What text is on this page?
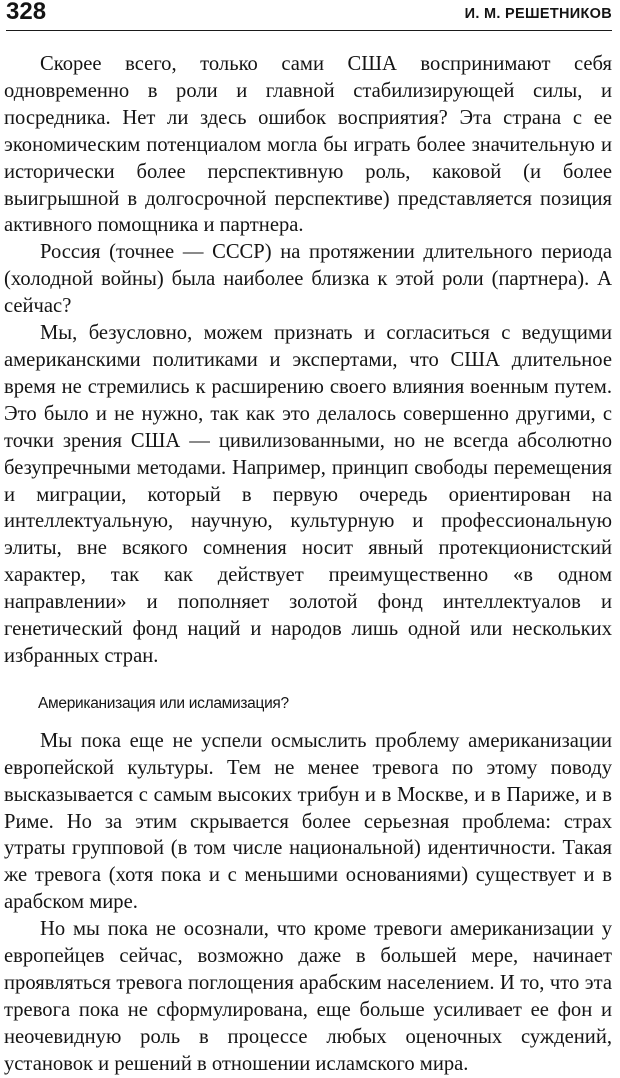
328	И. М. РЕШЕТНИКОВ

Скорее всего, только сами США воспринимают себя одновременно в роли и главной стабилизирующей силы, и посредника. Нет ли здесь ошибок восприятия? Эта страна с ее экономическим потенциалом могла бы играть более значительную и исторически более перспективную роль, каковой (и более выигрышной в долгосрочной перспективе) представляется позиция активного помощника и партнера.

Россия (точнее — СССР) на протяжении длительного периода (холодной войны) была наиболее близка к этой роли (партнера). А сейчас?

Мы, безусловно, можем признать и согласиться с ведущими американскими политиками и экспертами, что США длительное время не стремились к расширению своего влияния военным путем. Это было и не нужно, так как это делалось совершенно другими, с точки зрения США — цивилизованными, но не всегда абсолютно безупречными методами. Например, принцип свободы перемещения и миграции, который в первую очередь ориентирован на интеллектуальную, научную, культурную и профессиональную элиты, вне всякого сомнения носит явный протекционистский характер, так как действует преимущественно «в одном направлении» и пополняет золотой фонд интеллектуалов и генетический фонд наций и народов лишь одной или нескольких избранных стран.

Американизация или исламизация?

Мы пока еще не успели осмыслить проблему американизации европейской культуры. Тем не менее тревога по этому поводу высказывается с самым высоких трибун и в Москве, и в Париже, и в Риме. Но за этим скрывается более серьезная проблема: страх утраты групповой (в том числе национальной) идентичности. Такая же тревога (хотя пока и с меньшими основаниями) существует и в арабском мире.

Но мы пока не осознали, что кроме тревоги американизации у европейцев сейчас, возможно даже в большей мере, начинает проявляться тревога поглощения арабским населением. И то, что эта тревога пока не сформулирована, еще больше усиливает ее фон и неочевидную роль в процессе любых оценочных суждений, установок и решений в отношении исламского мира.
